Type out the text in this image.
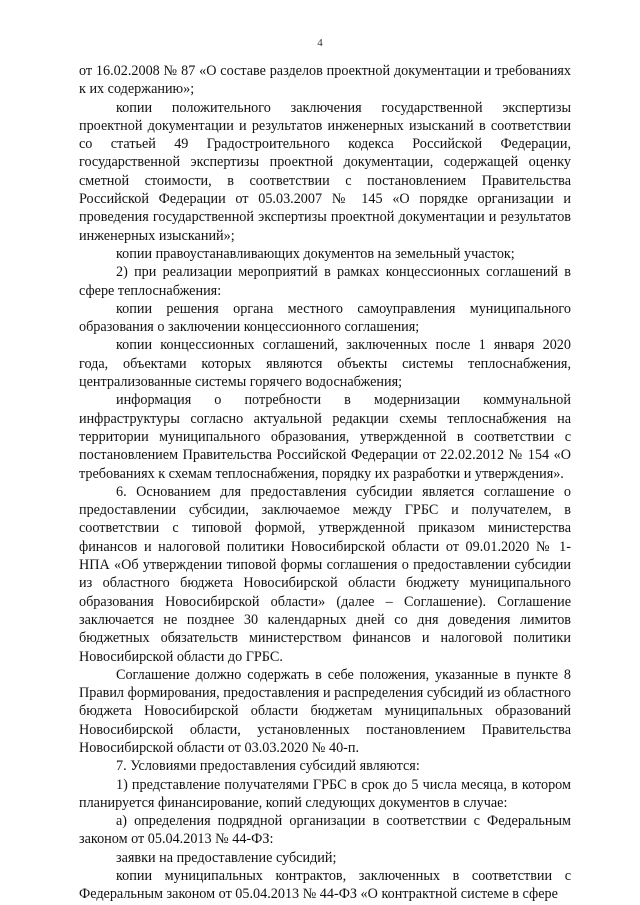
4

от 16.02.2008 № 87 «О составе разделов проектной документации и требованиях к их содержанию»;

копии положительного заключения государственной экспертизы проектной документации и результатов инженерных изысканий в соответствии со статьей 49 Градостроительного кодекса Российской Федерации, государственной экспертизы проектной документации, содержащей оценку сметной стоимости, в соответствии с постановлением Правительства Российской Федерации от 05.03.2007 № 145 «О порядке организации и проведения государственной экспертизы проектной документации и результатов инженерных изысканий»;

копии правоустанавливающих документов на земельный участок;

2) при реализации мероприятий в рамках концессионных соглашений в сфере теплоснабжения:

копии решения органа местного самоуправления муниципального образования о заключении концессионного соглашения;

копии концессионных соглашений, заключенных после 1 января 2020 года, объектами которых являются объекты системы теплоснабжения, централизованные системы горячего водоснабжения;

информация о потребности в модернизации коммунальной инфраструктуры согласно актуальной редакции схемы теплоснабжения на территории муниципального образования, утвержденной в соответствии с постановлением Правительства Российской Федерации от 22.02.2012 № 154 «О требованиях к схемам теплоснабжения, порядку их разработки и утверждения».

6. Основанием для предоставления субсидии является соглашение о предоставлении субсидии, заключаемое между ГРБС и получателем, в соответствии с типовой формой, утвержденной приказом министерства финансов и налоговой политики Новосибирской области от 09.01.2020 № 1-НПА «Об утверждении типовой формы соглашения о предоставлении субсидии из областного бюджета Новосибирской области бюджету муниципального образования Новосибирской области» (далее – Соглашение). Соглашение заключается не позднее 30 календарных дней со дня доведения лимитов бюджетных обязательств министерством финансов и налоговой политики Новосибирской области до ГРБС.

Соглашение должно содержать в себе положения, указанные в пункте 8 Правил формирования, предоставления и распределения субсидий из областного бюджета Новосибирской области бюджетам муниципальных образований Новосибирской области, установленных постановлением Правительства Новосибирской области от 03.03.2020 № 40-п.

7. Условиями предоставления субсидий являются:

1) представление получателями ГРБС в срок до 5 числа месяца, в котором планируется финансирование, копий следующих документов в случае:

а) определения подрядной организации в соответствии с Федеральным законом от 05.04.2013 № 44-ФЗ:

заявки на предоставление субсидий;

копии муниципальных контрактов, заключенных в соответствии с Федеральным законом от 05.04.2013 № 44-ФЗ «О контрактной системе в сфере
